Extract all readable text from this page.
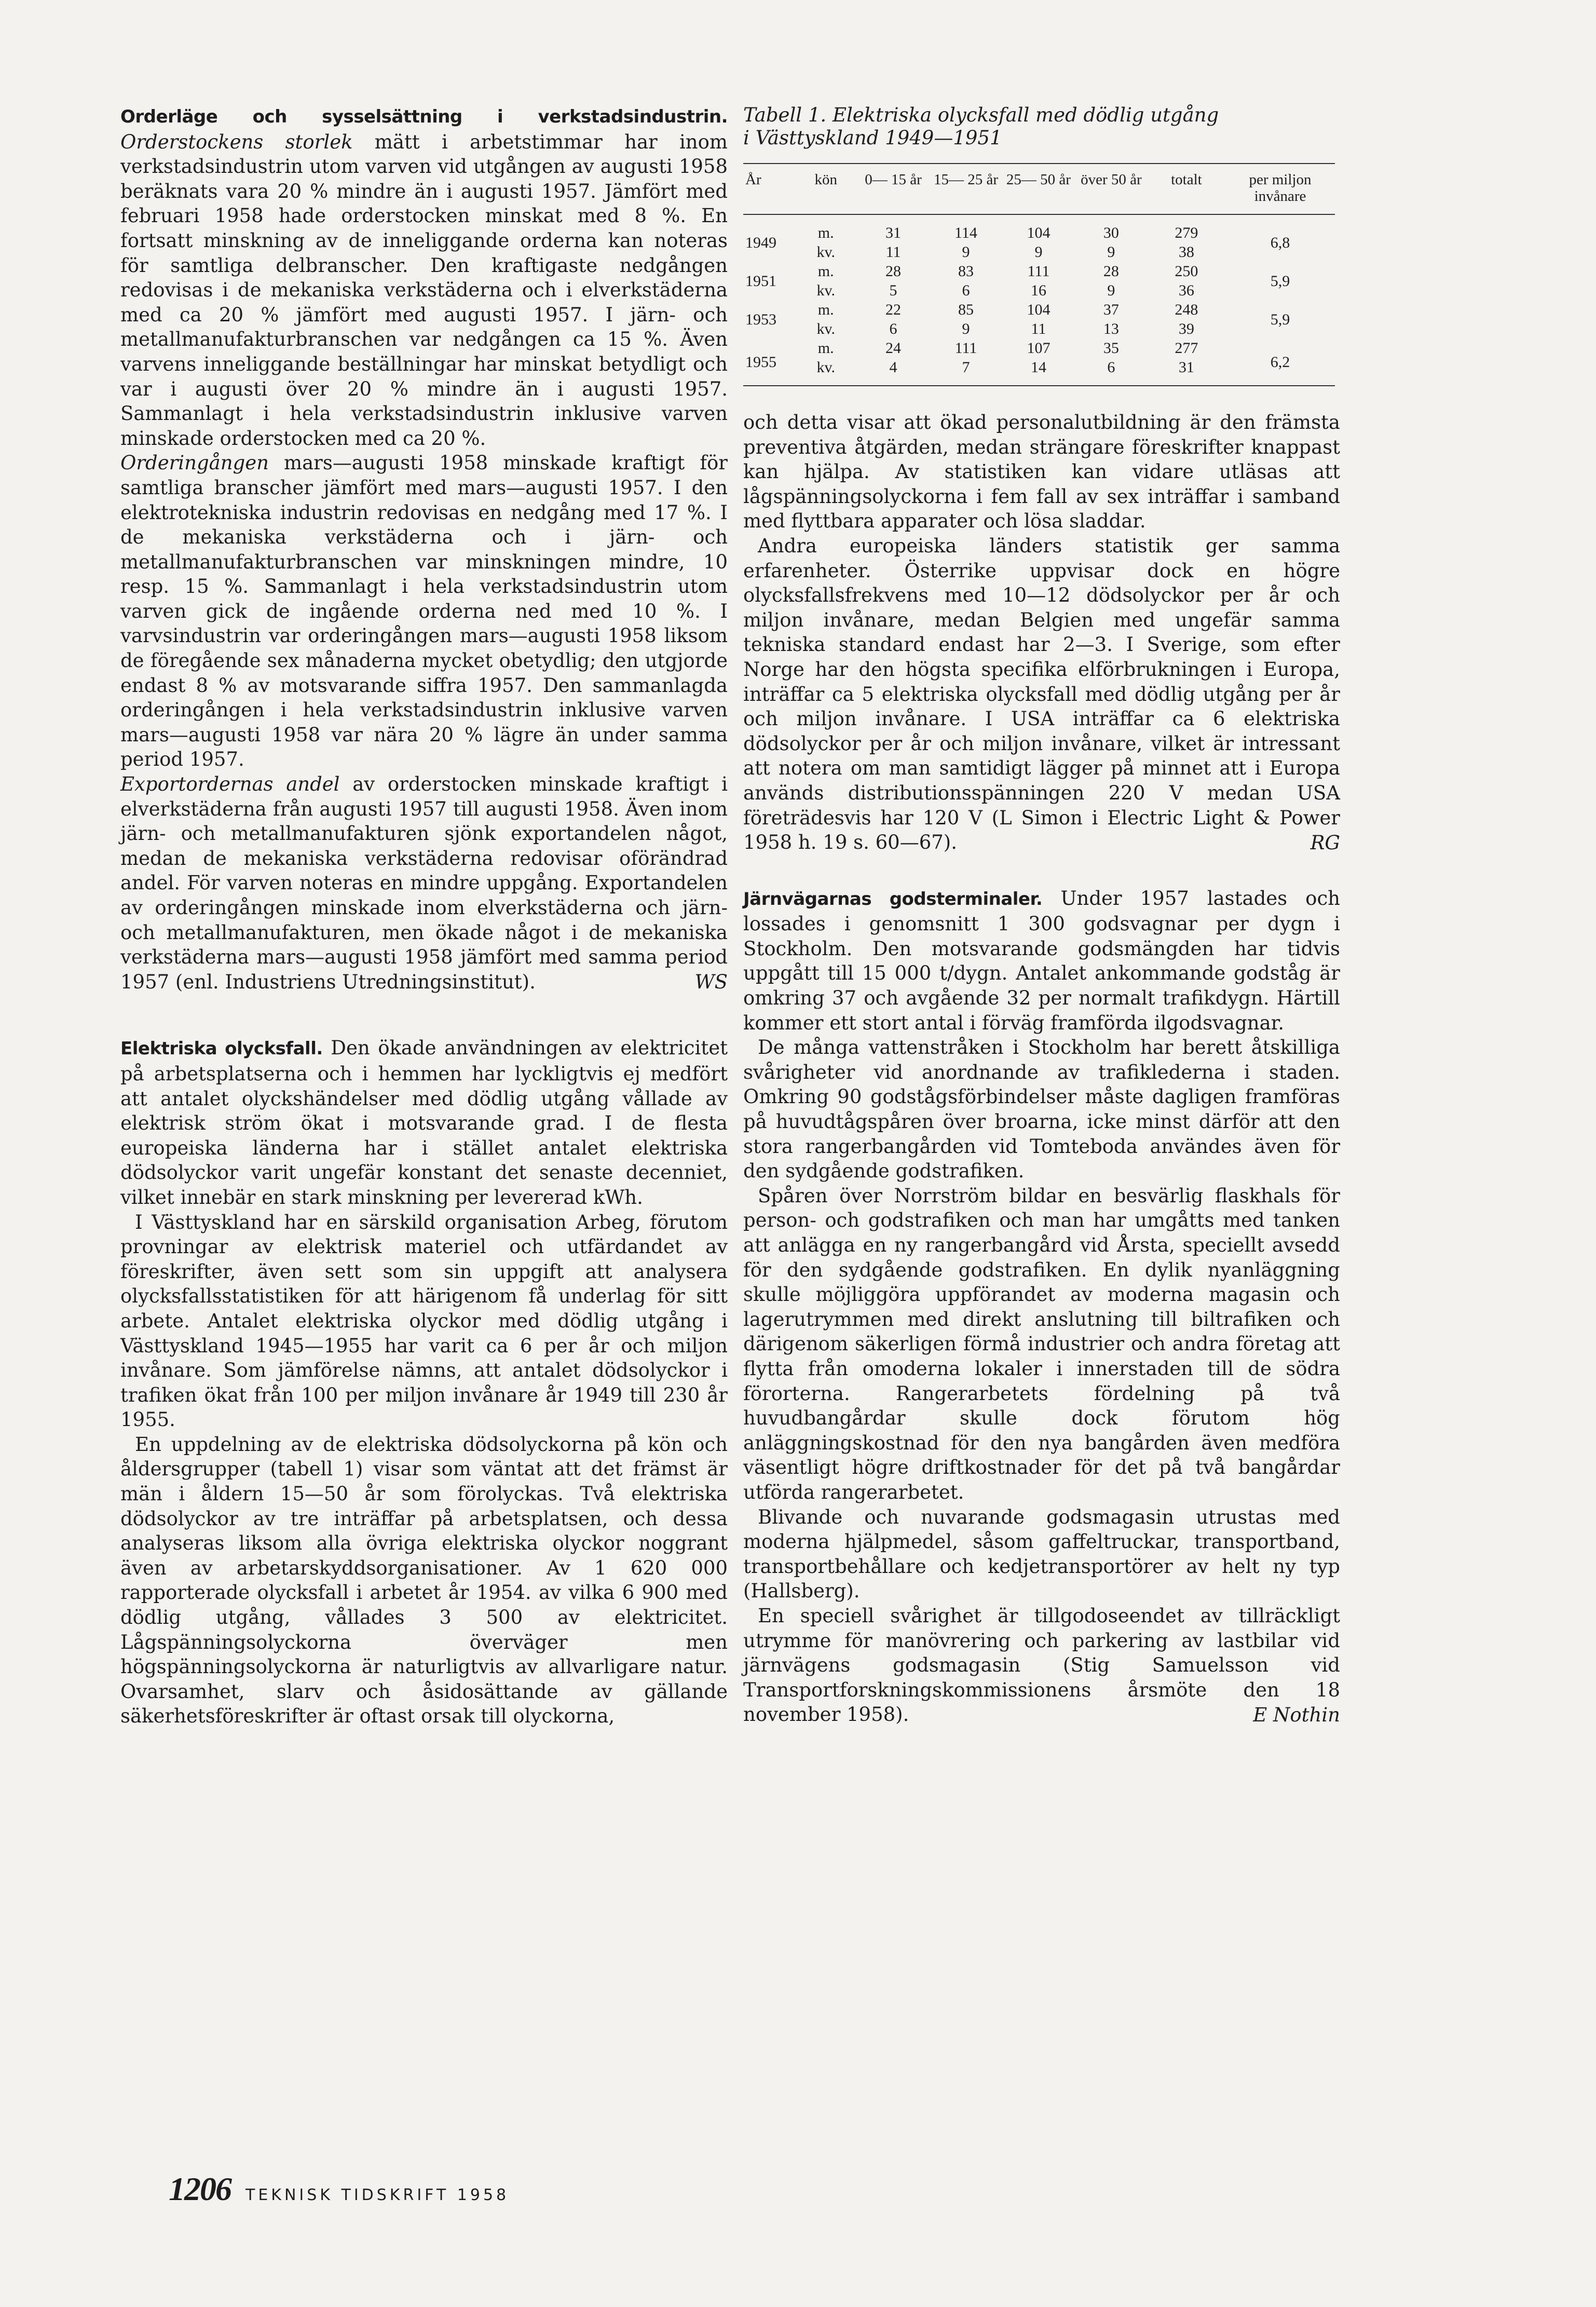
Orderläge och sysselsättning i verkstadsindustrin. Orderstockens storlek mätt i arbetstimmar har inom verkstadsindustrin utom varven vid utgången av augusti 1958 beräknats vara 20 % mindre än i augusti 1957. Jämfört med februari 1958 hade orderstocken minskat med 8 %. En fortsatt minskning av de inneliggande orderna kan noteras för samtliga delbranscher. Den kraftigaste nedgången redovisas i de mekaniska verkstäderna och i elverkstäderna med ca 20 % jämfört med augusti 1957. I järn- och metallmanufakturbranschen var nedgången ca 15 %. Även varvens inneliggande beställningar har minskat betydligt och var i augusti över 20 % mindre än i augusti 1957. Sammanlagt i hela verkstadsindustrin inklusive varven minskade orderstocken med ca 20 %.

Orderingången mars—augusti 1958 minskade kraftigt för samtliga branscher jämfört med mars—augusti 1957. I den elektrotekniska industrin redovisas en nedgång med 17 %. I de mekaniska verkstäderna och i järn- och metallmanufakturbranschen var minskningen mindre, 10 resp. 15 %. Sammanlagt i hela verkstadsindustrin utom varven gick de ingående orderna ned med 10 %. I varvsindustrin var orderingången mars—augusti 1958 liksom de föregående sex månaderna mycket obetydlig; den utgjorde endast 8 % av motsvarande siffra 1957. Den sammanlagda orderingången i hela verkstadsindustrin inklusive varven mars—augusti 1958 var nära 20 % lägre än under samma period 1957.

Exportordernas andel av orderstocken minskade kraftigt i elverkstäderna från augusti 1957 till augusti 1958. Även inom järn- och metallmanufakturen sjönk exportandelen något, medan de mekaniska verkstäderna redovisar oförändrad andel. För varven noteras en mindre uppgång. Exportandelen av orderingången minskade inom elverkstäderna och järn- och metallmanufakturen, men ökade något i de mekaniska verkstäderna mars—augusti 1958 jämfört med samma period 1957 (enl. Industriens Utredningsinstitut).	WS

Elektriska olycksfall. Den ökade användningen av elektricitet på arbetsplatserna och i hemmen har lyckligtvis ej medfört att antalet olyckshändelser med dödlig utgång vållade av elektrisk ström ökat i motsvarande grad. I de flesta europeiska länderna har i stället antalet elektriska dödsolyckor varit ungefär konstant det senaste decenniet, vilket innebär en stark minskning per levererad kWh.

I Västtyskland har en särskild organisation Arbeg, förutom provningar av elektrisk materiel och utfärdandet av föreskrifter, även sett som sin uppgift att analysera olycksfallsstatistiken för att härigenom få underlag för sitt arbete. Antalet elektriska olyckor med dödlig utgång i Västtyskland 1945—1955 har varit ca 6 per år och miljon invånare. Som jämförelse nämns, att antalet dödsolyckor i trafiken ökat från 100 per miljon invånare år 1949 till 230 år 1955.

En uppdelning av de elektriska dödsolyckorna på kön och åldersgrupper (tabell 1) visar som väntat att det främst är män i åldern 15—50 år som förolyckas. Två elektriska dödsolyckor av tre inträffar på arbetsplatsen, och dessa analyseras liksom alla övriga elektriska olyckor noggrant även av arbetarskyddsorganisationer. Av 1 620 000 rapporterade olycksfall i arbetet år 1954. av vilka 6 900 med dödlig utgång, vållades 3 500 av elektricitet. Lågspänningsolyckorna överväger men högspänningsolyckorna är naturligtvis av allvarligare natur. Ovarsamhet, slarv och åsidosättande av gällande säkerhetsföreskrifter är oftast orsak till olyckorna,

Tabell 1. Elektriska olycksfall med dödlig utgång
i Västtyskland 1949—1951

År	kön	0— 15 år	15— 25 år	25— 50 år	över 50 år	totalt	per miljon invånare
1949	m.	31	114	104	30	279	6,8
	kv.	11	9	9	9	38	
1951	m.	28	83	111	28	250	5,9
	kv.	5	6	16	9	36	
1953	m.	22	85	104	37	248	5,9
	kv.	6	9	11	13	39	
1955	m.	24	111	107	35	277	6,2
	kv.	4	7	14	6	31	

och detta visar att ökad personalutbildning är den främsta preventiva åtgärden, medan strängare föreskrifter knappast kan hjälpa. Av statistiken kan vidare utläsas att lågspänningsolyckorna i fem fall av sex inträffar i samband med flyttbara apparater och lösa sladdar.

Andra europeiska länders statistik ger samma erfarenheter. Österrike uppvisar dock en högre olycksfallsfrekvens med 10—12 dödsolyckor per år och miljon invånare, medan Belgien med ungefär samma tekniska standard endast har 2—3. I Sverige, som efter Norge har den högsta specifika elförbrukningen i Europa, inträffar ca 5 elektriska olycksfall med dödlig utgång per år och miljon invånare. I USA inträffar ca 6 elektriska dödsolyckor per år och miljon invånare, vilket är intressant att notera om man samtidigt lägger på minnet att i Europa används distributionsspänningen 220 V medan USA företrädesvis har 120 V (L Simon i Electric Light & Power 1958 h. 19 s. 60—67).	RG

Järnvägarnas godsterminaler. Under 1957 lastades och lossades i genomsnitt 1 300 godsvagnar per dygn i Stockholm. Den motsvarande godsmängden har tidvis uppgått till 15 000 t/dygn. Antalet ankommande godståg är omkring 37 och avgående 32 per normalt trafikdygn. Härtill kommer ett stort antal i förväg framförda ilgodsvagnar.

De många vattenstråken i Stockholm har berett åtskilliga svårigheter vid anordnande av trafiklederna i staden. Omkring 90 godstågsförbindelser måste dagligen framföras på huvudtågspåren över broarna, icke minst därför att den stora rangerbangården vid Tomteboda användes även för den sydgående godstrafiken.

Spåren över Norrström bildar en besvärlig flaskhals för person- och godstrafiken och man har umgåtts med tanken att anlägga en ny rangerbangård vid Årsta, speciellt avsedd för den sydgående godstrafiken. En dylik nyanläggning skulle möjliggöra uppförandet av moderna magasin och lagerutrymmen med direkt anslutning till biltrafiken och därigenom säkerligen förmå industrier och andra företag att flytta från omoderna lokaler i innerstaden till de södra förorterna. Rangerarbetets fördelning på två huvudbangårdar skulle dock förutom hög anläggningskostnad för den nya bangården även medföra väsentligt högre driftkostnader för det på två bangårdar utförda rangerarbetet.

Blivande och nuvarande godsmagasin utrustas med moderna hjälpmedel, såsom gaffeltruckar, transportband, transportbehållare och kedjetransportörer av helt ny typ (Hallsberg).

En speciell svårighet är tillgodoseendet av tillräckligt utrymme för manövrering och parkering av lastbilar vid järnvägens godsmagasin (Stig Samuelsson vid Transportforskningskommissionens årsmöte den 18 november 1958).	E Nothin
1206 TEKNISK TIDSKRIFT 1958
